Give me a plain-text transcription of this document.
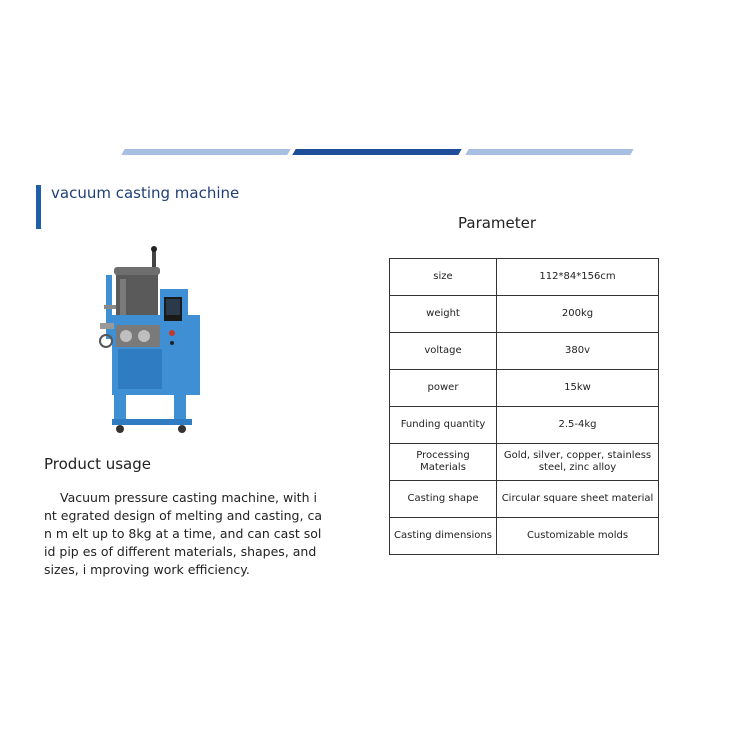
vacuum casting machine
Parameter
Product usage
Vacuum pressure casting machine, with int egrated design of melting and casting, can m elt up to 8kg at a time, and can cast solid pip es of different materials, shapes, and sizes, i mproving work efficiency.
size	112*84*156cm
weight	200kg
voltage	380v
power	15kw
Funding quantity	2.5-4kg
Processing Materials	Gold, silver, copper, stainless steel, zinc alloy
Casting shape	Circular square sheet material
Casting dimensions	Customizable molds
